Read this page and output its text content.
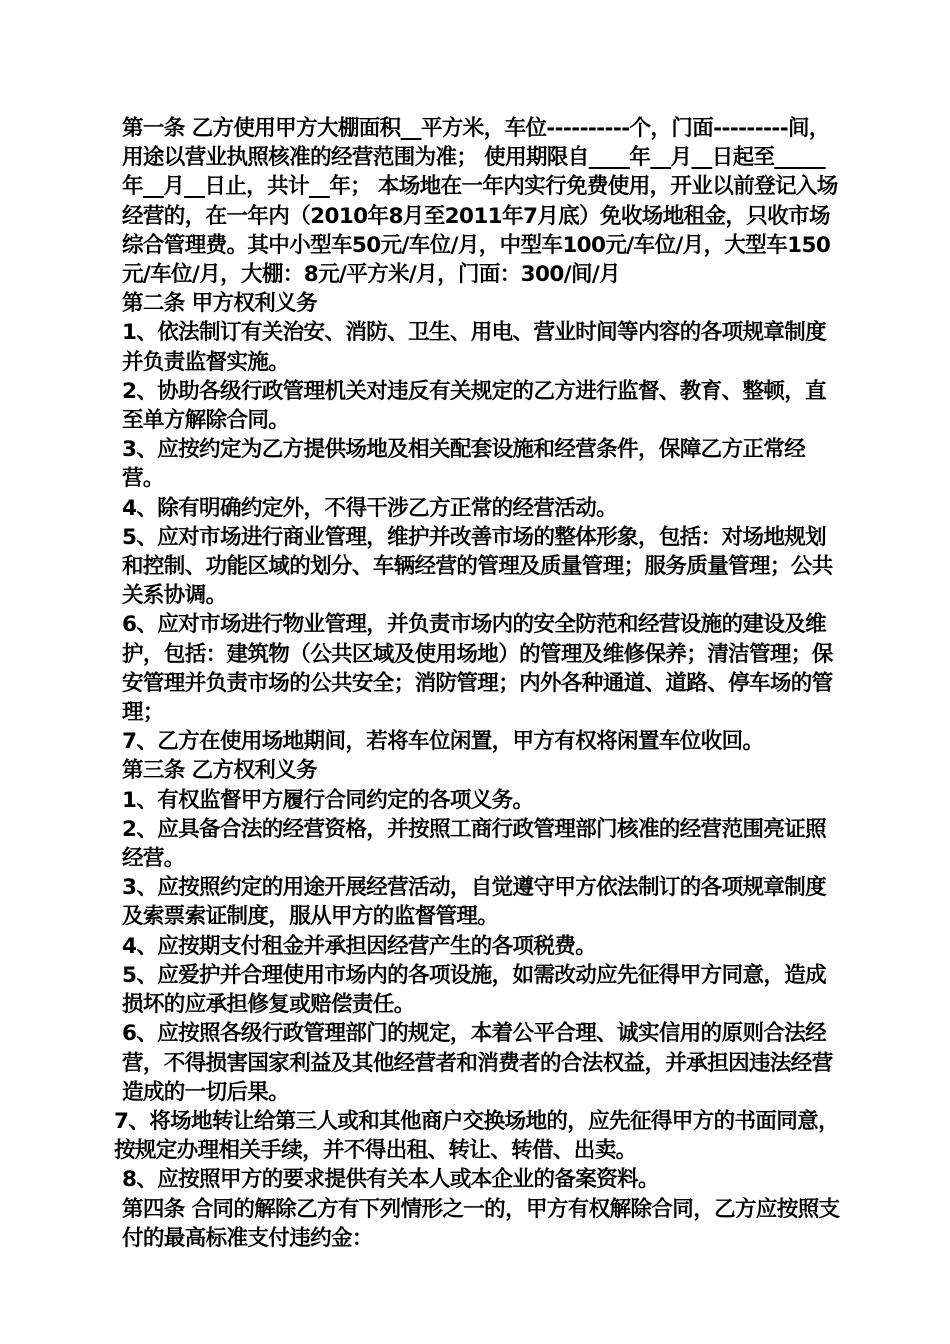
第一条 乙方使用甲方大棚面积__平方米，车位----------个，门面---------间，用途以营业执照核准的经营范围为准； 使用期限自____年__月__日起至_____年__月__日止，共计__年； 本场地在一年内实行免费使用，开业以前登记入场经营的，在一年内（2010年8月至2011年7月底）免收场地租金，只收市场综合管理费。其中小型车50元/车位/月，中型车100元/车位/月，大型车150元/车位/月，大棚：8元/平方米/月，门面：300/间/月

第二条 甲方权利义务

1、依法制订有关治安、消防、卫生、用电、营业时间等内容的各项规章制度并负责监督实施。

2、协助各级行政管理机关对违反有关规定的乙方进行监督、教育、整顿，直至单方解除合同。

3、应按约定为乙方提供场地及相关配套设施和经营条件，保障乙方正常经营。

4、除有明确约定外，不得干涉乙方正常的经营活动。

5、应对市场进行商业管理，维护并改善市场的整体形象，包括：对场地规划和控制、功能区域的划分、车辆经营的管理及质量管理；服务质量管理；公共关系协调。

6、应对市场进行物业管理，并负责市场内的安全防范和经营设施的建设及维护，包括：建筑物（公共区域及使用场地）的管理及维修保养；清洁管理；保安管理并负责市场的公共安全；消防管理；内外各种通道、道路、停车场的管理；

7、乙方在使用场地期间，若将车位闲置，甲方有权将闲置车位收回。

第三条 乙方权利义务

1、有权监督甲方履行合同约定的各项义务。

2、应具备合法的经营资格，并按照工商行政管理部门核准的经营范围亮证照经营。

3、应按照约定的用途开展经营活动，自觉遵守甲方依法制订的各项规章制度及索票索证制度，服从甲方的监督管理。

4、应按期支付租金并承担因经营产生的各项税费。

5、应爱护并合理使用市场内的各项设施，如需改动应先征得甲方同意，造成损坏的应承担修复或赔偿责任。

6、应按照各级行政管理部门的规定，本着公平合理、诚实信用的原则合法经营，不得损害国家利益及其他经营者和消费者的合法权益，并承担因违法经营造成的一切后果。

7、将场地转让给第三人或和其他商户交换场地的，应先征得甲方的书面同意，按规定办理相关手续，并不得出租、转让、转借、出卖。

8、应按照甲方的要求提供有关本人或本企业的备案资料。

第四条 合同的解除乙方有下列情形之一的，甲方有权解除合同，乙方应按照支付的最高标准支付违约金：
